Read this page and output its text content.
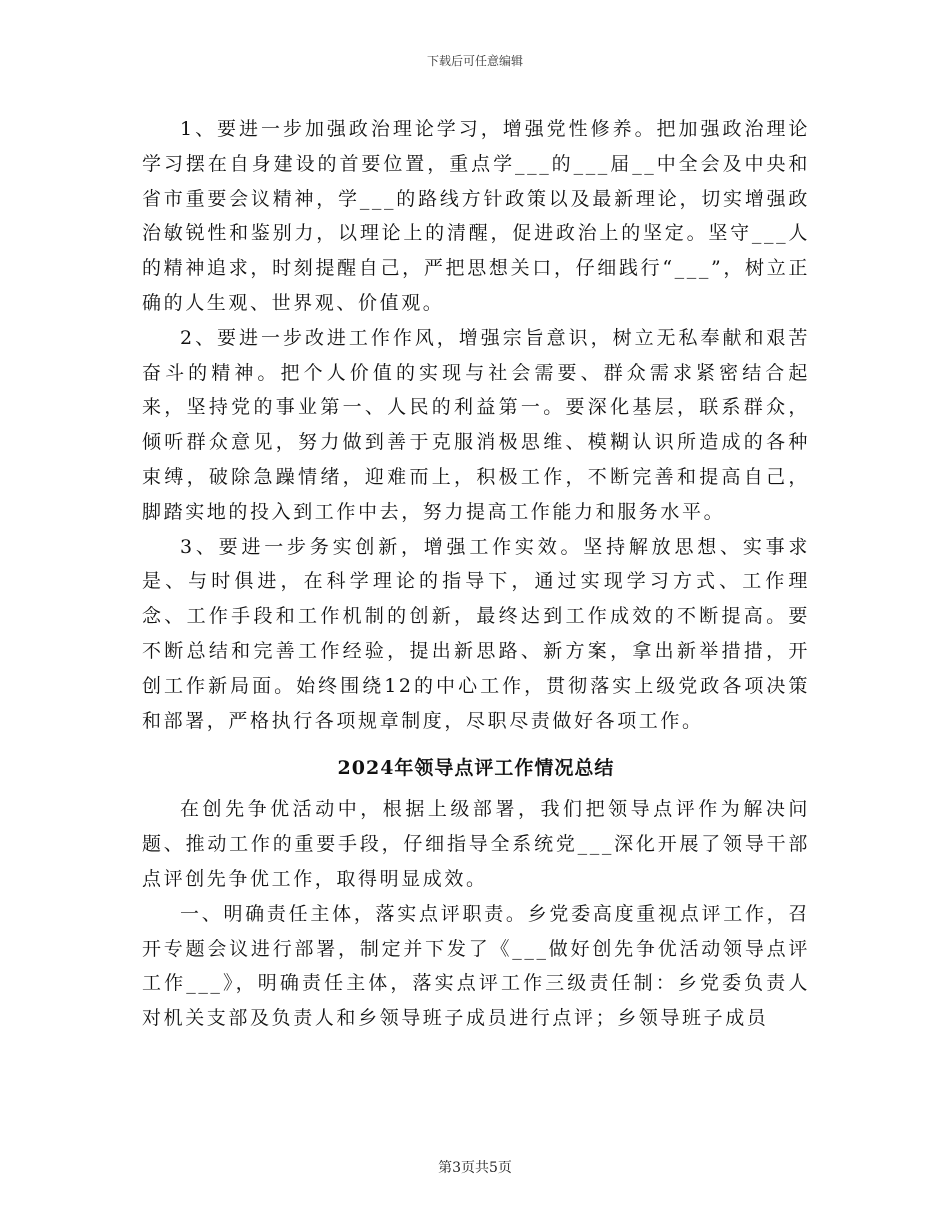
下载后可任意编辑

1、要进一步加强政治理论学习，增强党性修养。把加强政治理论学习摆在自身建设的首要位置，重点学___的___届__中全会及中央和省市重要会议精神，学___的路线方针政策以及最新理论，切实增强政治敏锐性和鉴别力，以理论上的清醒，促进政治上的坚定。坚守___人的精神追求，时刻提醒自己，严把思想关口，仔细践行“___”，树立正确的人生观、世界观、价值观。

2、要进一步改进工作作风，增强宗旨意识，树立无私奉献和艰苦奋斗的精神。把个人价值的实现与社会需要、群众需求紧密结合起来，坚持党的事业第一、人民的利益第一。要深化基层，联系群众，倾听群众意见，努力做到善于克服消极思维、模糊认识所造成的各种束缚，破除急躁情绪，迎难而上，积极工作，不断完善和提高自己，脚踏实地的投入到工作中去，努力提高工作能力和服务水平。

3、要进一步务实创新，增强工作实效。坚持解放思想、实事求是、与时俱进，在科学理论的指导下，通过实现学习方式、工作理念、工作手段和工作机制的创新，最终达到工作成效的不断提高。要不断总结和完善工作经验，提出新思路、新方案，拿出新举措措，开创工作新局面。始终围绕12的中心工作，贯彻落实上级党政各项决策和部署，严格执行各项规章制度，尽职尽责做好各项工作。

2024年领导点评工作情况总结

在创先争优活动中，根据上级部署，我们把领导点评作为解决问题、推动工作的重要手段，仔细指导全系统党___深化开展了领导干部点评创先争优工作，取得明显成效。

一、明确责任主体，落实点评职责。乡党委高度重视点评工作，召开专题会议进行部署，制定并下发了《___做好创先争优活动领导点评工作___》，明确责任主体，落实点评工作三级责任制：乡党委负责人对机关支部及负责人和乡领导班子成员进行点评；乡领导班子成员

第3页共5页
